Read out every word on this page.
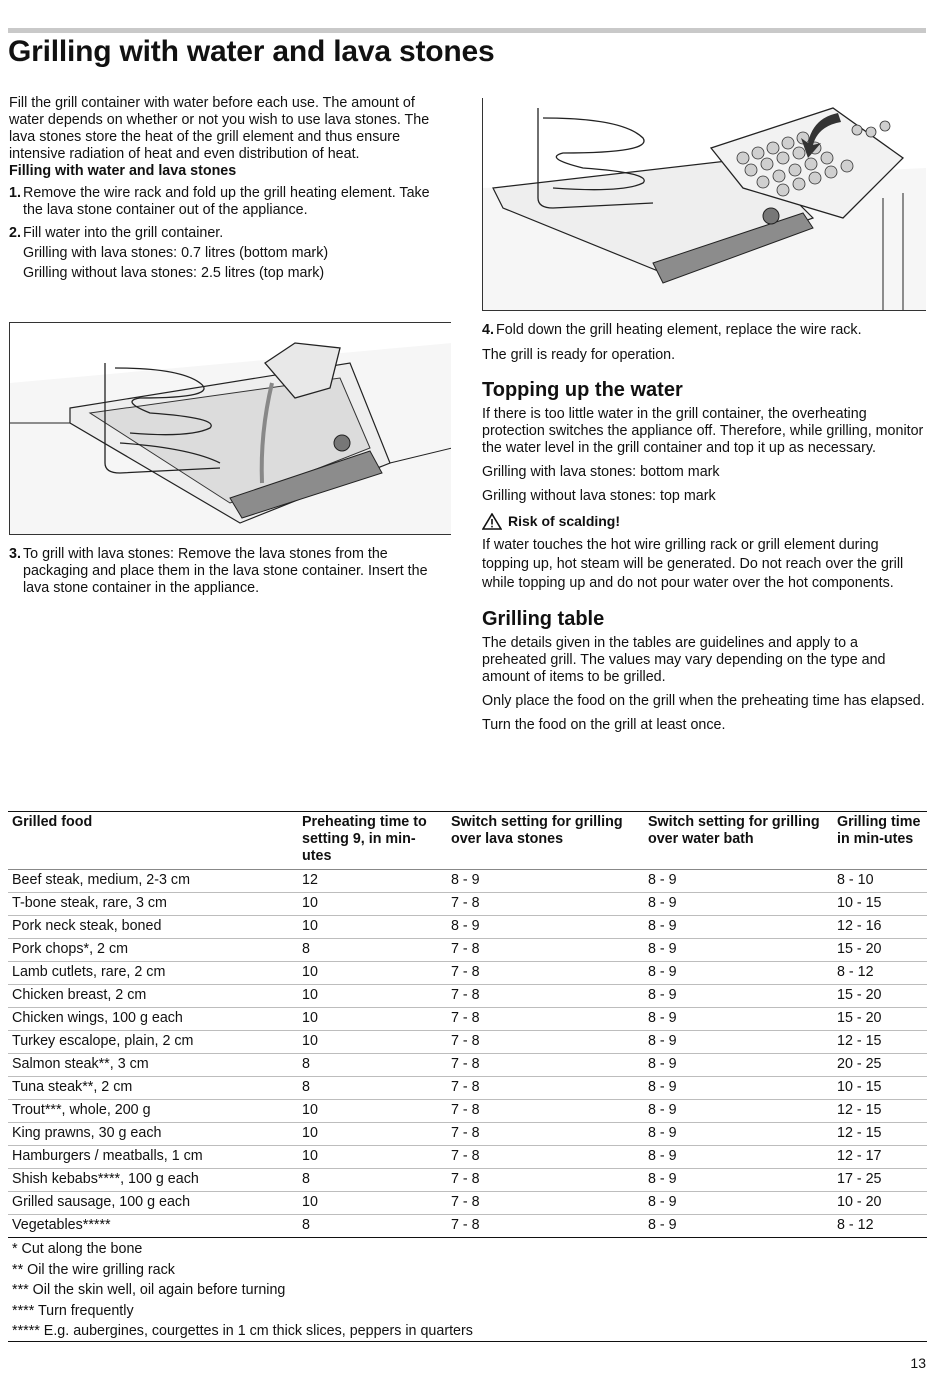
Grilling with water and lava stones

Fill the grill container with water before each use. The amount of water depends on whether or not you wish to use lava stones. The lava stones store the heat of the grill element and thus ensure intensive radiation of heat and even distribution of heat.

Filling with water and lava stones

1. Remove the wire rack and fold up the grill heating element. Take the lava stone container out of the appliance.
2. Fill water into the grill container.
Grilling with lava stones: 0.7 litres (bottom mark)
Grilling without lava stones: 2.5 litres (top mark)
3. To grill with lava stones: Remove the lava stones from the packaging and place them in the lava stone container. Insert the lava stone container in the appliance.
4. Fold down the grill heating element, replace the wire rack.

The grill is ready for operation.

Topping up the water

If there is too little water in the grill container, the overheating protection switches the appliance off. Therefore, while grilling, monitor the water level in the grill container and top it up as necessary.

Grilling with lava stones: bottom mark

Grilling without lava stones: top mark

Risk of scalding!

If water touches the hot wire grilling rack or grill element during topping up, hot steam will be generated. Do not reach over the grill while topping up and do not pour water over the hot components.

Grilling table

The details given in the tables are guidelines and apply to a preheated grill. The values may vary depending on the type and amount of items to be grilled.

Only place the food on the grill when the preheating time has elapsed.

Turn the food on the grill at least once.

Grilled food	Preheating time to setting 9, in min-utes	Switch setting for grilling over lava stones	Switch setting for grilling over water bath	Grilling time in min-utes
Beef steak, medium, 2-3 cm	12	8 - 9	8 - 9	8 - 10
T-bone steak, rare, 3 cm	10	7 - 8	8 - 9	10 - 15
Pork neck steak, boned	10	8 - 9	8 - 9	12 - 16
Pork chops*, 2 cm	8	7 - 8	8 - 9	15 - 20
Lamb cutlets, rare, 2 cm	10	7 - 8	8 - 9	8 - 12
Chicken breast, 2 cm	10	7 - 8	8 - 9	15 - 20
Chicken wings, 100 g each	10	7 - 8	8 - 9	15 - 20
Turkey escalope, plain, 2 cm	10	7 - 8	8 - 9	12 - 15
Salmon steak**, 3 cm	8	7 - 8	8 - 9	20 - 25
Tuna steak**, 2 cm	8	7 - 8	8 - 9	10 - 15
Trout***, whole, 200 g	10	7 - 8	8 - 9	12 - 15
King prawns, 30 g each	10	7 - 8	8 - 9	12 - 15
Hamburgers / meatballs, 1 cm	10	7 - 8	8 - 9	12 - 17
Shish kebabs****, 100 g each	8	7 - 8	8 - 9	17 - 25
Grilled sausage, 100 g each	10	7 - 8	8 - 9	10 - 20
Vegetables*****	8	7 - 8	8 - 9	8 - 12
* Cut along the bone
** Oil the wire grilling rack
*** Oil the skin well, oil again before turning
**** Turn frequently
***** E.g. aubergines, courgettes in 1 cm thick slices, peppers in quarters
13
